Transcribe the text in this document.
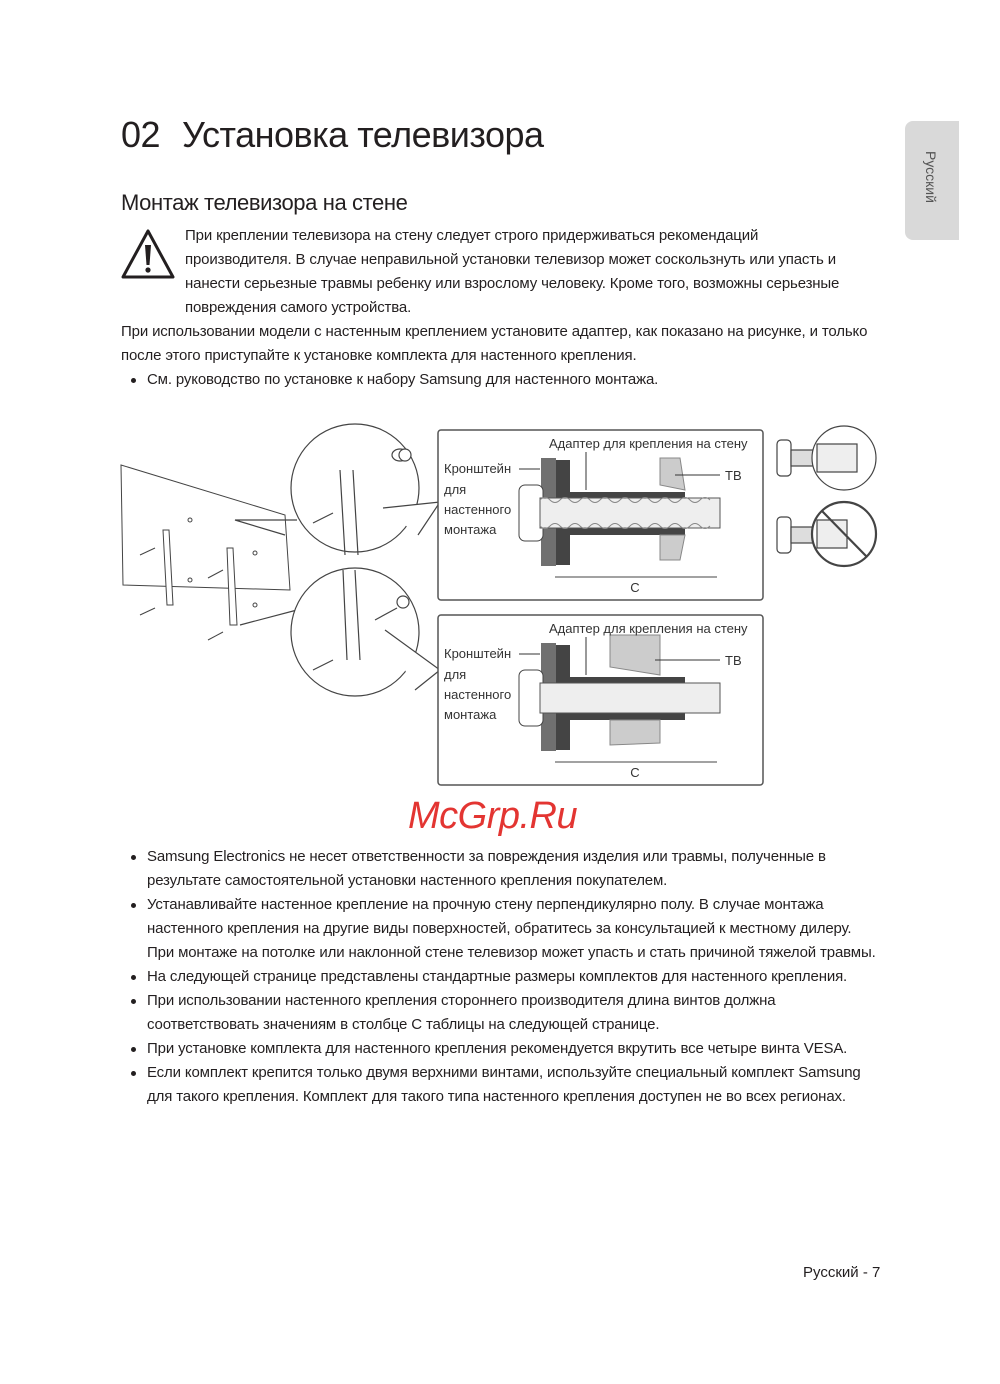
Русский
02 Установка телевизора
Монтаж телевизора на стене
При креплении телевизора на стену следует строго придерживаться рекомендаций
производителя. В случае неправильной установки телевизор может соскользнуть или упасть и
нанести серьезные травмы ребенку или взрослому человеку. Кроме того, возможны серьезные
повреждения самого устройства.
При использовании модели с настенным креплением установите адаптер, как показано на рисунке, и только
после этого приступайте к установке комплекта для настенного крепления.
См. руководство по установке к набору Samsung для настенного монтажа.
C
Адаптер для крепления на стену
Кронштейн
для
настенного
монтажа
ТВ
C
Адаптер для крепления на стену
Кронштейн
для
настенного
монтажа
ТВ
McGrp.Ru
Samsung Electronics не несет ответственности за повреждения изделия или травмы, полученные в
результате самостоятельной установки настенного крепления покупателем.
Устанавливайте настенное крепление на прочную стену перпендикулярно полу. В случае монтажа
настенного крепления на другие виды поверхностей, обратитесь за консультацией к местному дилеру.
При монтаже на потолке или наклонной стене телевизор может упасть и стать причиной тяжелой травмы.
На следующей странице представлены стандартные размеры комплектов для настенного крепления.
При использовании настенного крепления стороннего производителя длина винтов должна
соответствовать значениям в столбце C таблицы на следующей странице.
При установке комплекта для настенного крепления рекомендуется вкрутить все четыре винта VESA.
Если комплект крепится только двумя верхними винтами, используйте специальный комплект Samsung
для такого крепления. Комплект для такого типа настенного крепления доступен не во всех регионах.
Русский - 7
